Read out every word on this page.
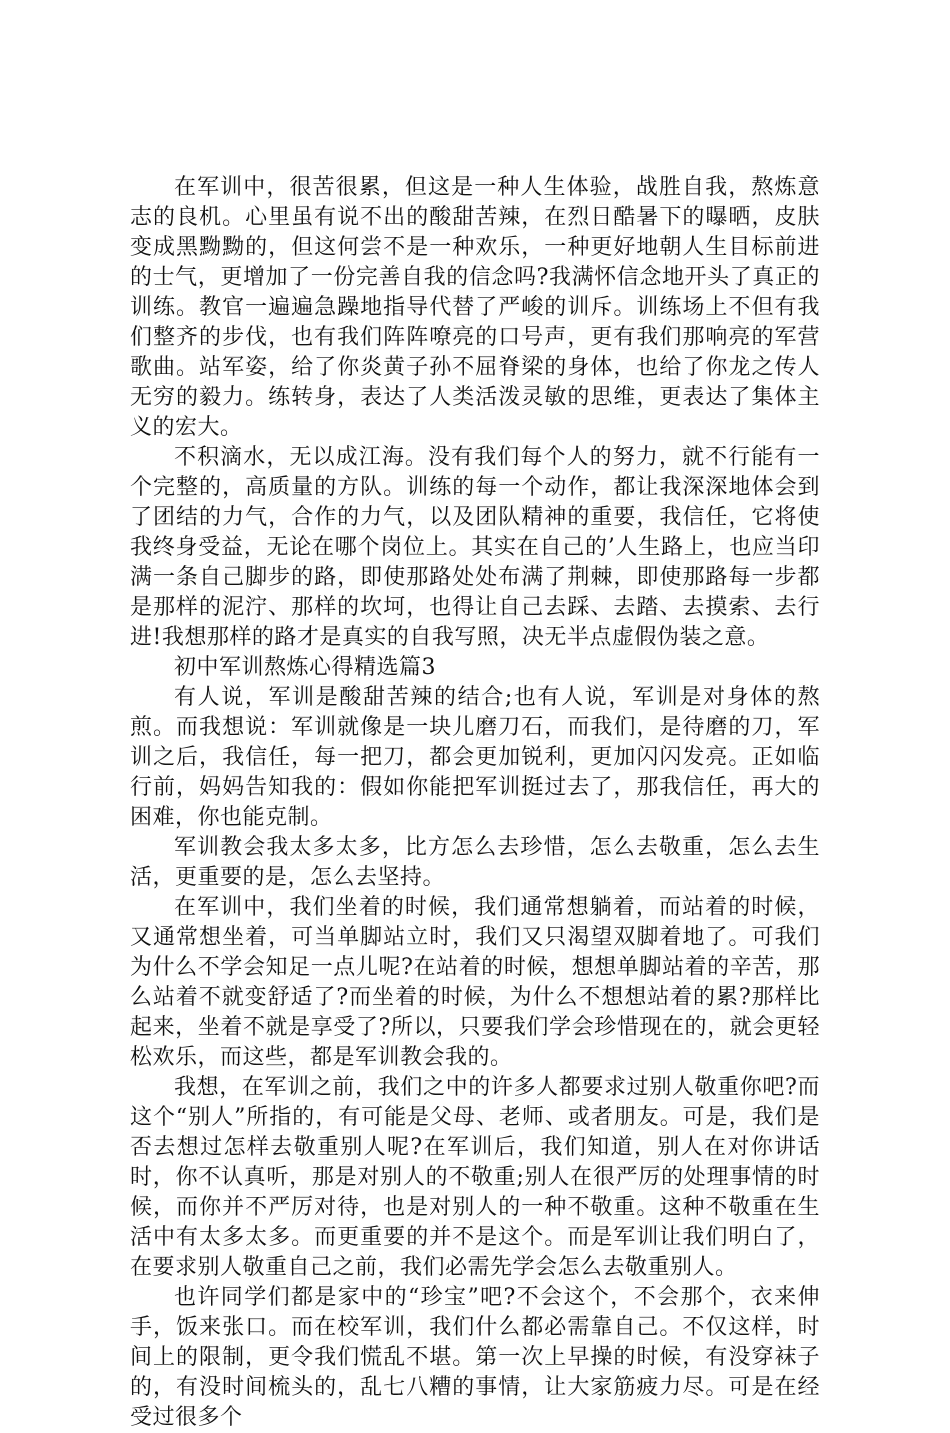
在军训中，很苦很累，但这是一种人生体验，战胜自我，熬炼意志的良机。心里虽有说不出的酸甜苦辣，在烈日酷暑下的曝晒，皮肤变成黑黝黝的，但这何尝不是一种欢乐，一种更好地朝人生目标前进的士气，更增加了一份完善自我的信念吗?我满怀信念地开头了真正的训练。教官一遍遍急躁地指导代替了严峻的训斥。训练场上不但有我们整齐的步伐，也有我们阵阵嘹亮的口号声，更有我们那响亮的军营歌曲。站军姿，给了你炎黄子孙不屈脊梁的身体，也给了你龙之传人无穷的毅力。练转身，表达了人类活泼灵敏的思维，更表达了集体主义的宏大。

不积滴水，无以成江海。没有我们每个人的努力，就不行能有一个完整的，高质量的方队。训练的每一个动作，都让我深深地体会到了团结的力气，合作的力气，以及团队精神的重要，我信任，它将使我终身受益，无论在哪个岗位上。其实在自己的’人生路上，也应当印满一条自己脚步的路，即使那路处处布满了荆棘，即使那路每一步都是那样的泥泞、那样的坎坷，也得让自己去踩、去踏、去摸索、去行进!我想那样的路才是真实的自我写照，决无半点虚假伪装之意。

初中军训熬炼心得精选篇3

有人说，军训是酸甜苦辣的结合;也有人说，军训是对身体的熬煎。而我想说：军训就像是一块儿磨刀石，而我们，是待磨的刀，军训之后，我信任，每一把刀，都会更加锐利，更加闪闪发亮。正如临行前，妈妈告知我的：假如你能把军训挺过去了，那我信任，再大的困难，你也能克制。

军训教会我太多太多，比方怎么去珍惜，怎么去敬重，怎么去生活，更重要的是，怎么去坚持。

在军训中，我们坐着的时候，我们通常想躺着，而站着的时候，又通常想坐着，可当单脚站立时，我们又只渴望双脚着地了。可我们为什么不学会知足一点儿呢?在站着的时候，想想单脚站着的辛苦，那么站着不就变舒适了?而坐着的时候，为什么不想想站着的累?那样比起来，坐着不就是享受了?所以，只要我们学会珍惜现在的，就会更轻松欢乐，而这些，都是军训教会我的。

我想，在军训之前，我们之中的许多人都要求过别人敬重你吧?而这个“别人”所指的，有可能是父母、老师、或者朋友。可是，我们是否去想过怎样去敬重别人呢?在军训后，我们知道，别人在对你讲话时，你不认真听，那是对别人的不敬重;别人在很严厉的处理事情的时候，而你并不严厉对待，也是对别人的一种不敬重。这种不敬重在生活中有太多太多。而更重要的并不是这个。而是军训让我们明白了，在要求别人敬重自己之前，我们必需先学会怎么去敬重别人。

也许同学们都是家中的“珍宝”吧?不会这个，不会那个，衣来伸手，饭来张口。而在校军训，我们什么都必需靠自己。不仅这样，时间上的限制，更令我们慌乱不堪。第一次上早操的时候，有没穿袜子的，有没时间梳头的，乱七八糟的事情，让大家筋疲力尽。可是在经受过很多个
